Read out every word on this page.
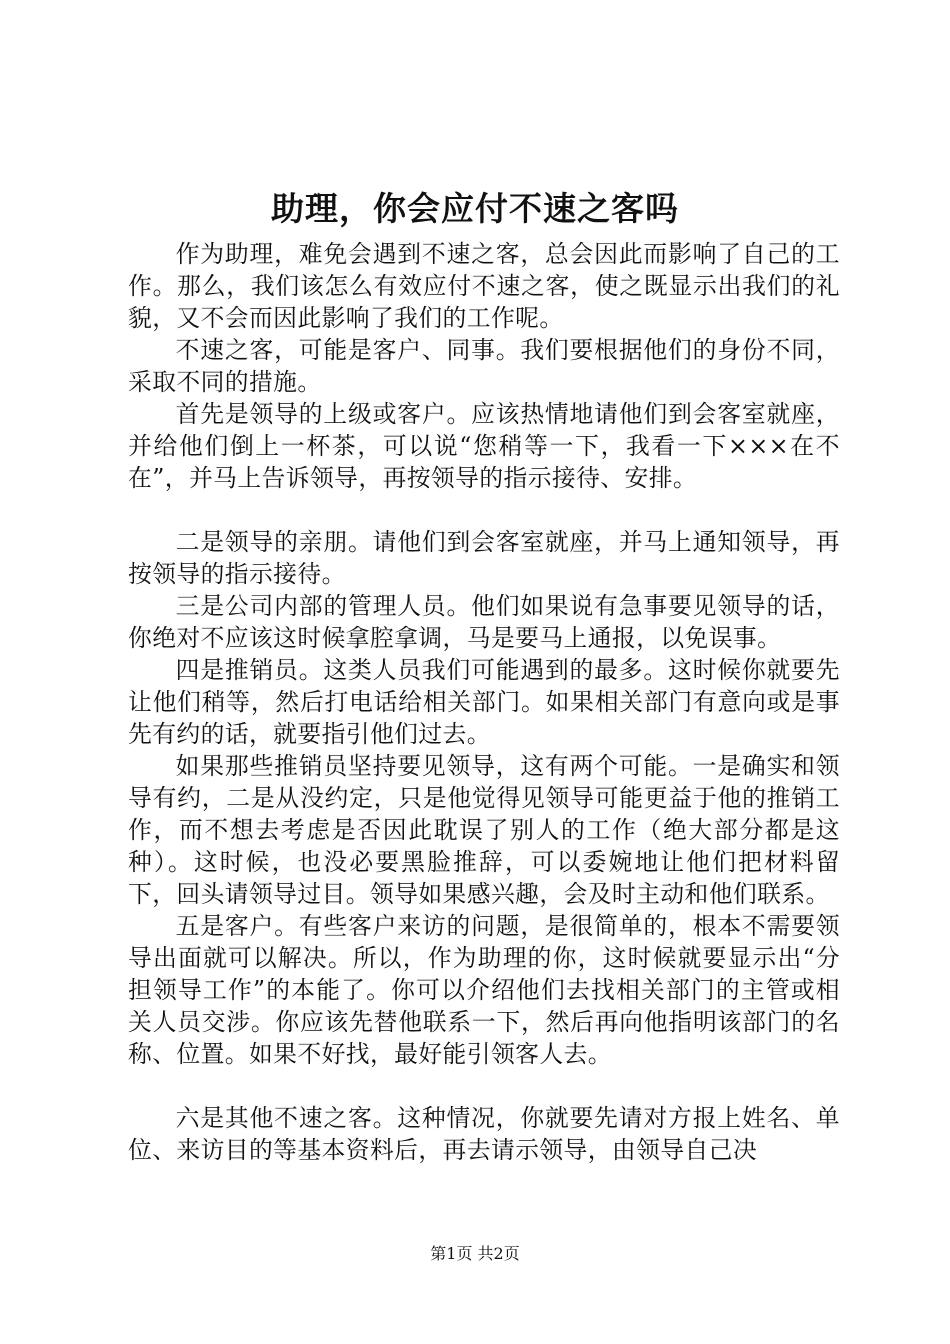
助理，你会应付不速之客吗

作为助理，难免会遇到不速之客，总会因此而影响了自己的工作。那么，我们该怎么有效应付不速之客，使之既显示出我们的礼貌，又不会而因此影响了我们的工作呢。

不速之客，可能是客户、同事。我们要根据他们的身份不同，采取不同的措施。

首先是领导的上级或客户。应该热情地请他们到会客室就座，并给他们倒上一杯茶，可以说“您稍等一下，我看一下×××在不在”，并马上告诉领导，再按领导的指示接待、安排。

二是领导的亲朋。请他们到会客室就座，并马上通知领导，再按领导的指示接待。

三是公司内部的管理人员。他们如果说有急事要见领导的话，你绝对不应该这时候拿腔拿调，马是要马上通报，以免误事。

四是推销员。这类人员我们可能遇到的最多。这时候你就要先让他们稍等，然后打电话给相关部门。如果相关部门有意向或是事先有约的话，就要指引他们过去。

如果那些推销员坚持要见领导，这有两个可能。一是确实和领导有约，二是从没约定，只是他觉得见领导可能更益于他的推销工作，而不想去考虑是否因此耽误了别人的工作（绝大部分都是这种）。这时候，也没必要黑脸推辞，可以委婉地让他们把材料留下，回头请领导过目。领导如果感兴趣，会及时主动和他们联系。

五是客户。有些客户来访的问题，是很简单的，根本不需要领导出面就可以解决。所以，作为助理的你，这时候就要显示出“分担领导工作”的本能了。你可以介绍他们去找相关部门的主管或相关人员交涉。你应该先替他联系一下，然后再向他指明该部门的名称、位置。如果不好找，最好能引领客人去。

六是其他不速之客。这种情况，你就要先请对方报上姓名、单位、来访目的等基本资料后，再去请示领导，由领导自己决

第1页 共2页
